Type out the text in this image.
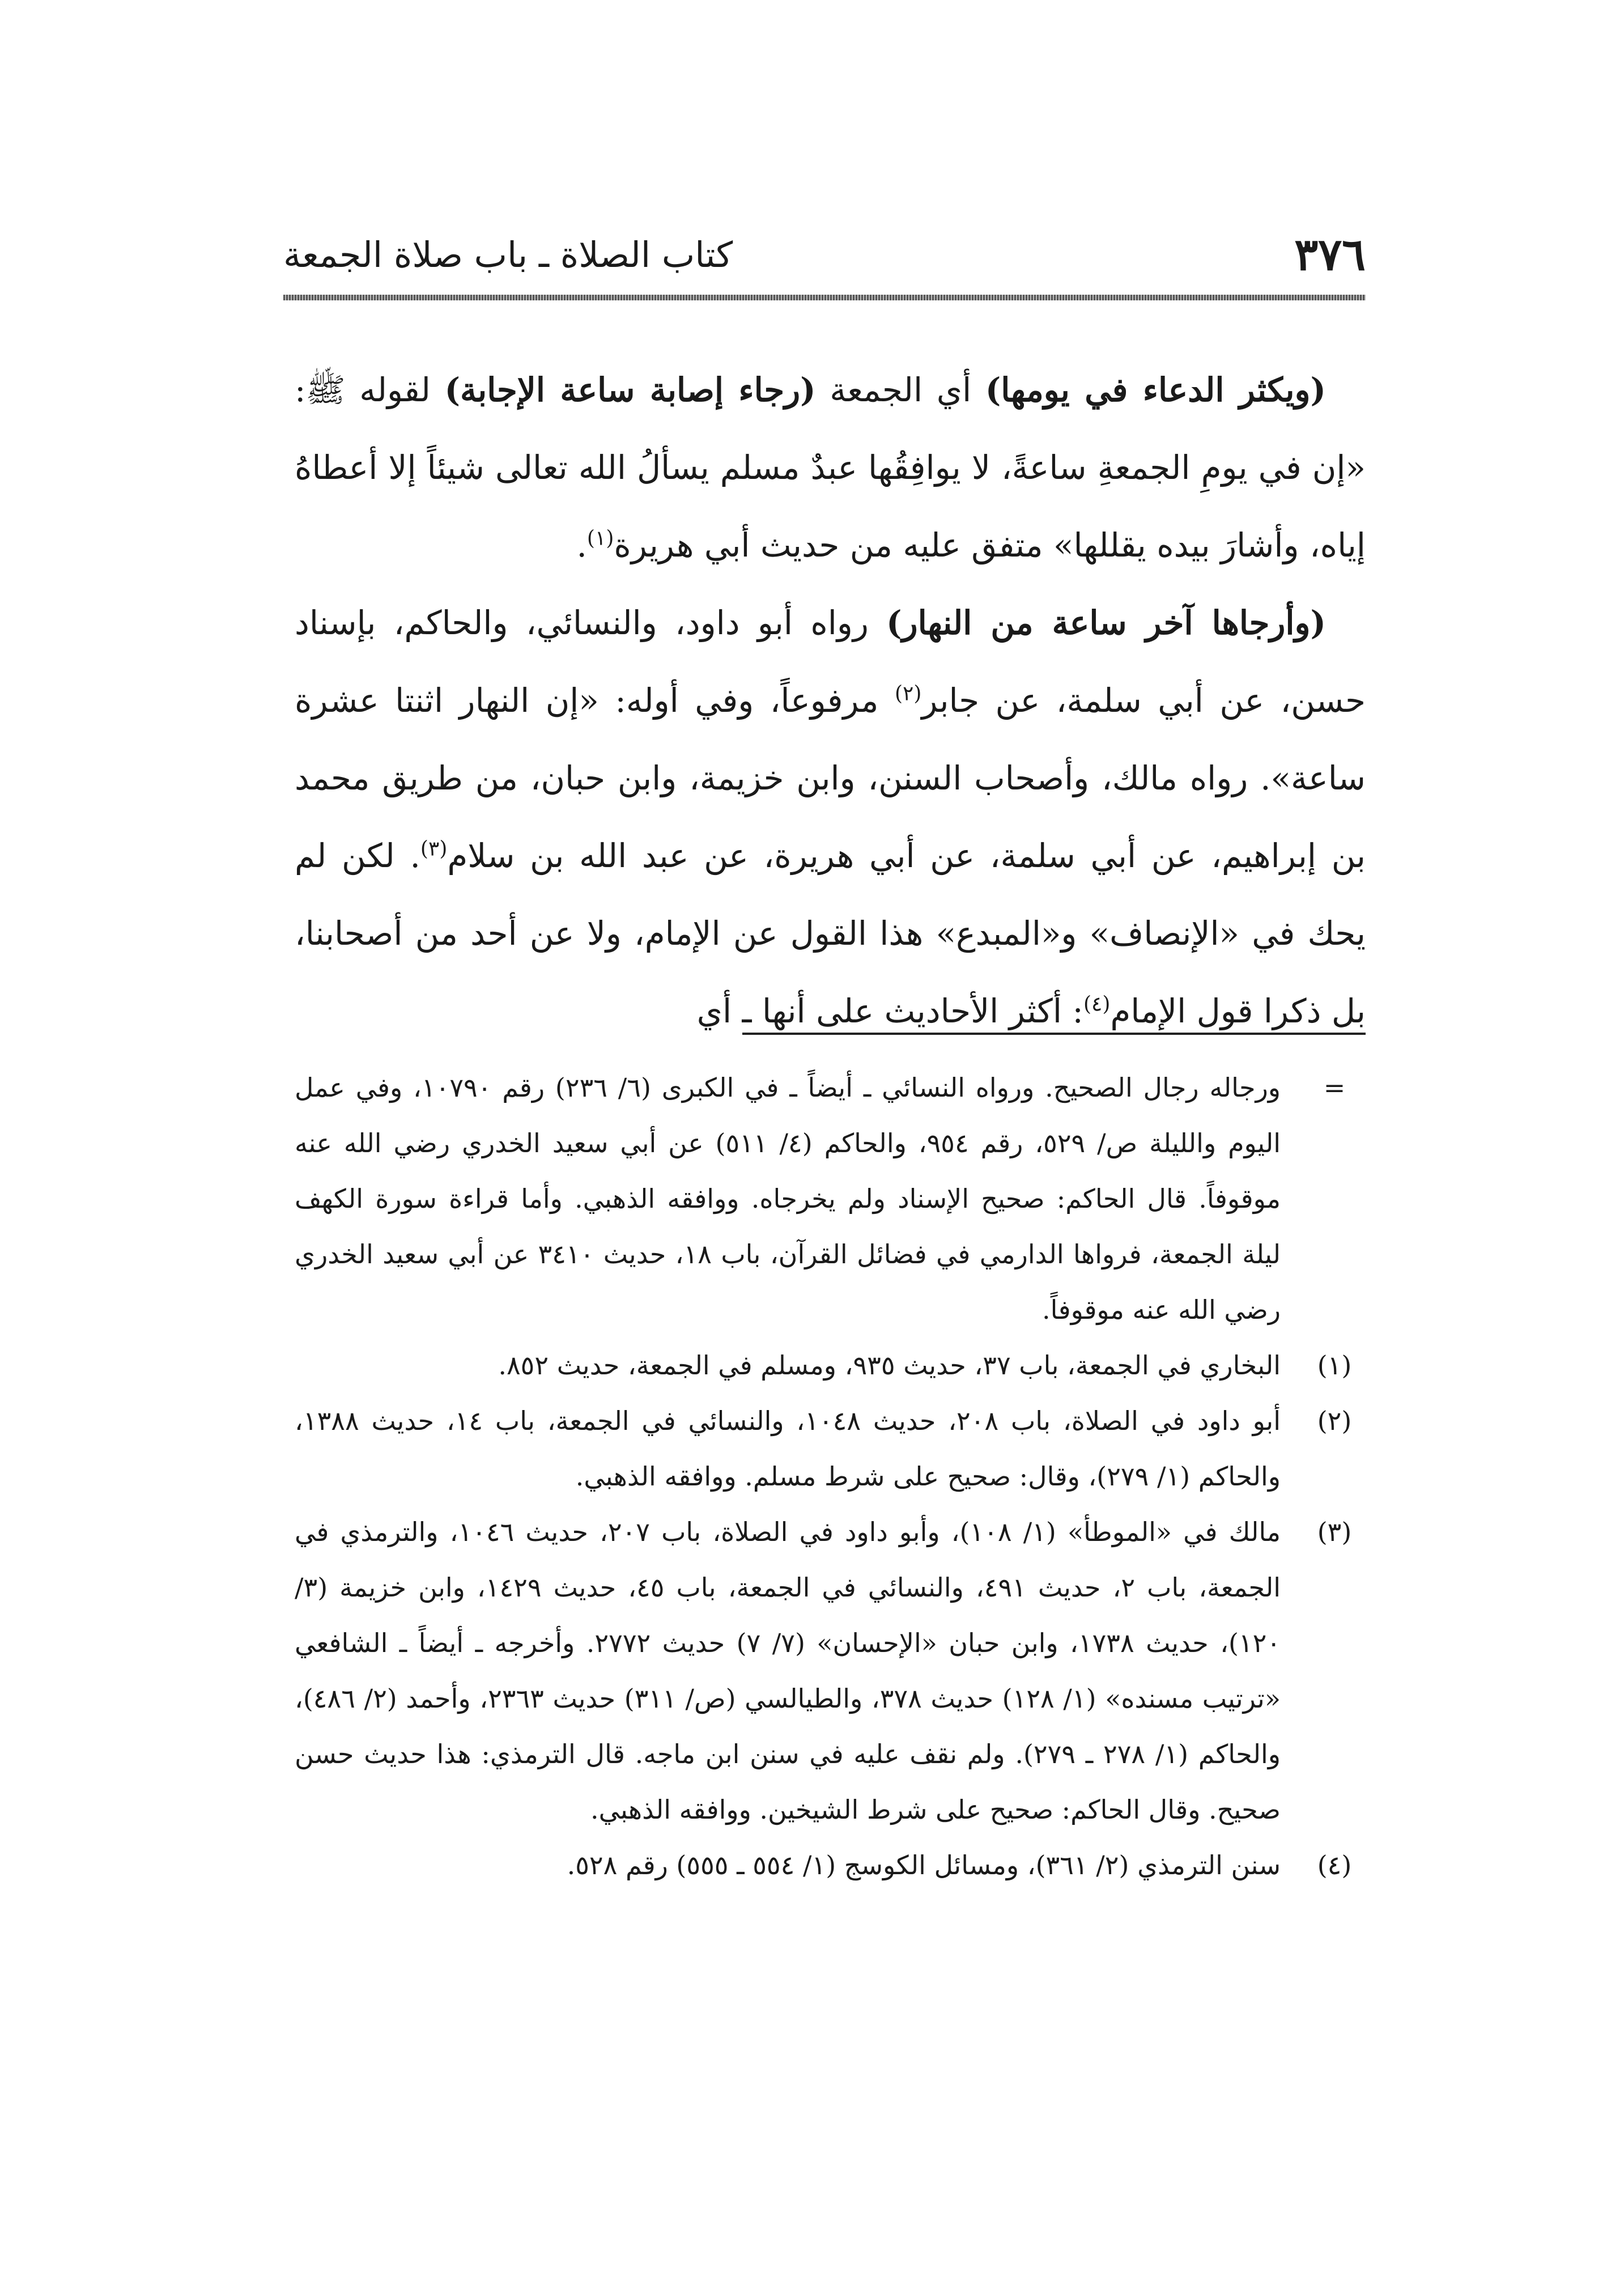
٣٧٦
كتاب الصلاة ـ باب صلاة الجمعة

(ويكثر الدعاء في يومها) أي الجمعة (رجاء إصابة ساعة الإجابة) لقوله ﷺ: «إن في يومِ الجمعةِ ساعةً، لا يوافِقُها عبدٌ مسلم يسألُ الله تعالى شيئاً إلا أعطاهُ إياه، وأشارَ بيده يقللها» متفق عليه من حديث أبي هريرة$^{(١)}$.

(وأرجاها آخر ساعة من النهار) رواه أبو داود، والنسائي، والحاكم، بإسناد حسن، عن أبي سلمة، عن جابر$^{(٢)}$ مرفوعاً، وفي أوله: «إن النهار اثنتا عشرة ساعة». رواه مالك، وأصحاب السنن، وابن خزيمة، وابن حبان، من طريق محمد بن إبراهيم، عن أبي سلمة، عن أبي هريرة، عن عبد الله بن سلام$^{(٣)}$. لكن لم يحك في «الإنصاف» و«المبدع» هذا القول عن الإمام، ولا عن أحد من أصحابنا، بل ذكرا قول الإمام$^{(٤)}$: أكثر الأحاديث على أنها ـ أي

=
ورجاله رجال الصحيح. ورواه النسائي ـ أيضاً ـ في الكبرى (٦/ ٢٣٦) رقم ١٠٧٩٠، وفي عمل اليوم والليلة ص/ ٥٢٩، رقم ٩٥٤، والحاكم (٤/ ٥١١) عن أبي سعيد الخدري رضي الله عنه موقوفاً. قال الحاكم: صحيح الإسناد ولم يخرجاه. ووافقه الذهبي. وأما قراءة سورة الكهف ليلة الجمعة، فرواها الدارمي في فضائل القرآن، باب ١٨، حديث ٣٤١٠ عن أبي سعيد الخدري رضي الله عنه موقوفاً.
(١)
البخاري في الجمعة، باب ٣٧، حديث ٩٣٥، ومسلم في الجمعة، حديث ٨٥٢.
(٢)
أبو داود في الصلاة، باب ٢٠٨، حديث ١٠٤٨، والنسائي في الجمعة، باب ١٤، حديث ١٣٨٨، والحاكم (١/ ٢٧٩)، وقال: صحيح على شرط مسلم. ووافقه الذهبي.
(٣)
مالك في «الموطأ» (١/ ١٠٨)، وأبو داود في الصلاة، باب ٢٠٧، حديث ١٠٤٦، والترمذي في الجمعة، باب ٢، حديث ٤٩١، والنسائي في الجمعة، باب ٤٥، حديث ١٤٢٩، وابن خزيمة (٣/ ١٢٠)، حديث ١٧٣٨، وابن حبان «الإحسان» (٧/ ٧) حديث ٢٧٧٢. وأخرجه ـ أيضاً ـ الشافعي «ترتيب مسنده» (١/ ١٢٨) حديث ٣٧٨، والطيالسي (ص/ ٣١١) حديث ٢٣٦٣، وأحمد (٢/ ٤٨٦)، والحاكم (١/ ٢٧٨ ـ ٢٧٩). ولم نقف عليه في سنن ابن ماجه. قال الترمذي: هذا حديث حسن صحيح. وقال الحاكم: صحيح على شرط الشيخين. ووافقه الذهبي.
(٤)
سنن الترمذي (٢/ ٣٦١)، ومسائل الكوسج (١/ ٥٥٤ ـ ٥٥٥) رقم ٥٢٨.
